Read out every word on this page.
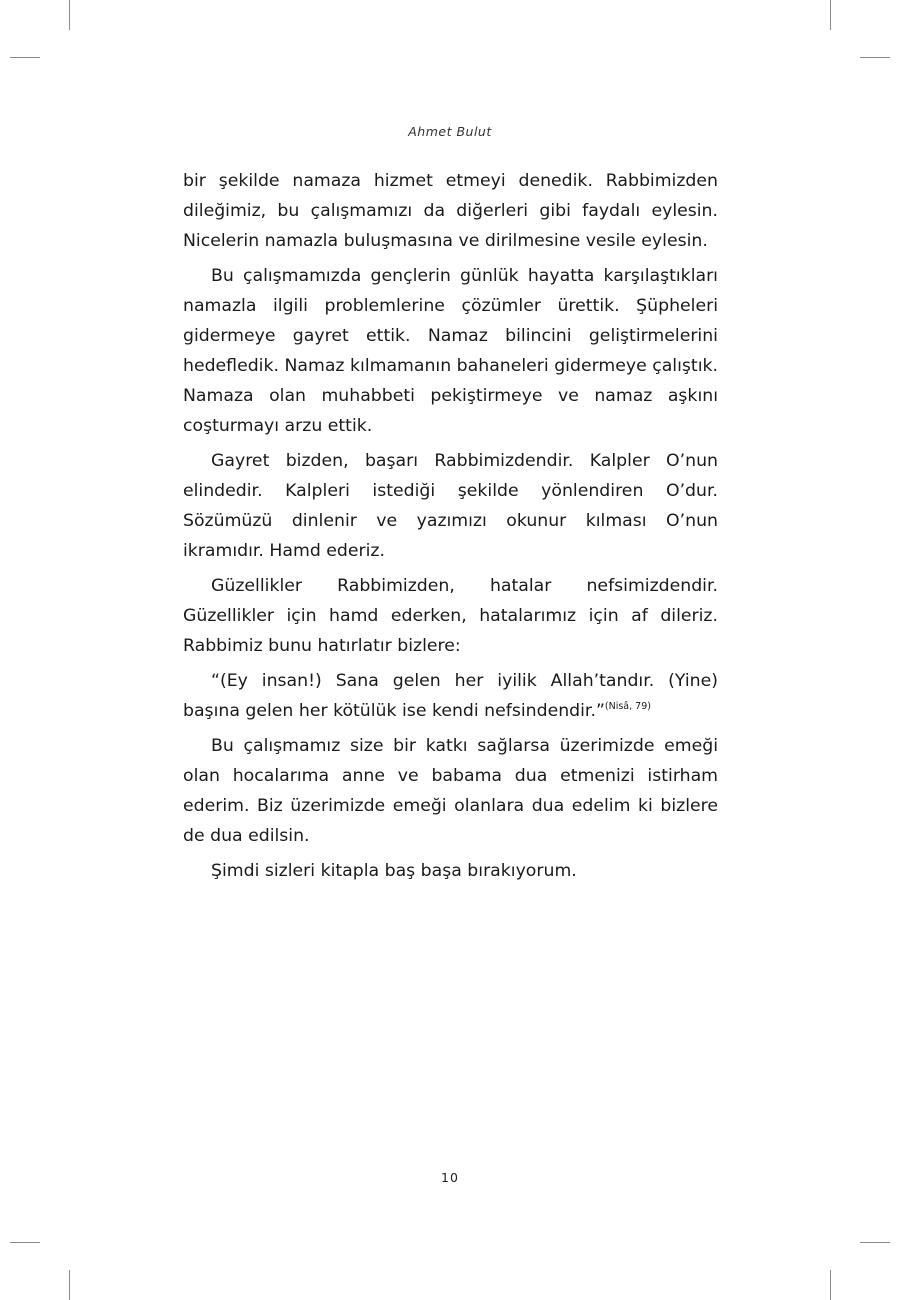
Ahmet Bulut

bir şekilde namaza hizmet etmeyi denedik. Rabbimizden dileğimiz, bu çalışmamızı da diğerleri gibi faydalı eylesin. Nicelerin namazla buluşmasına ve dirilmesine vesile eylesin.

Bu çalışmamızda gençlerin günlük hayatta karşılaştıkları namazla ilgili problemlerine çözümler ürettik. Şüpheleri gidermeye gayret ettik. Namaz bilincini geliştirmelerini hedefledik. Namaz kılmamanın bahaneleri gidermeye çalıştık. Namaza olan muhabbeti pekiştirmeye ve namaz aşkını coşturmayı arzu ettik.

Gayret bizden, başarı Rabbimizdendir. Kalpler O’nun elindedir. Kalpleri istediği şekilde yönlendiren O’dur. Sözümüzü dinlenir ve yazımızı okunur kılması O’nun ikramıdır. Hamd ederiz.

Güzellikler Rabbimizden, hatalar nefsimizdendir. Güzellikler için hamd ederken, hatalarımız için af dileriz. Rabbimiz bunu hatırlatır bizlere:

“(Ey insan!) Sana gelen her iyilik Allah’tandır. (Yine) başına gelen her kötülük ise kendi nefsindendir.”$^{(Nisâ, 79)}$

Bu çalışmamız size bir katkı sağlarsa üzerimizde emeği olan hocalarıma anne ve babama dua etmenizi istirham ederim. Biz üzerimizde emeği olanlara dua edelim ki bizlere de dua edilsin.

Şimdi sizleri kitapla baş başa bırakıyorum.

10
